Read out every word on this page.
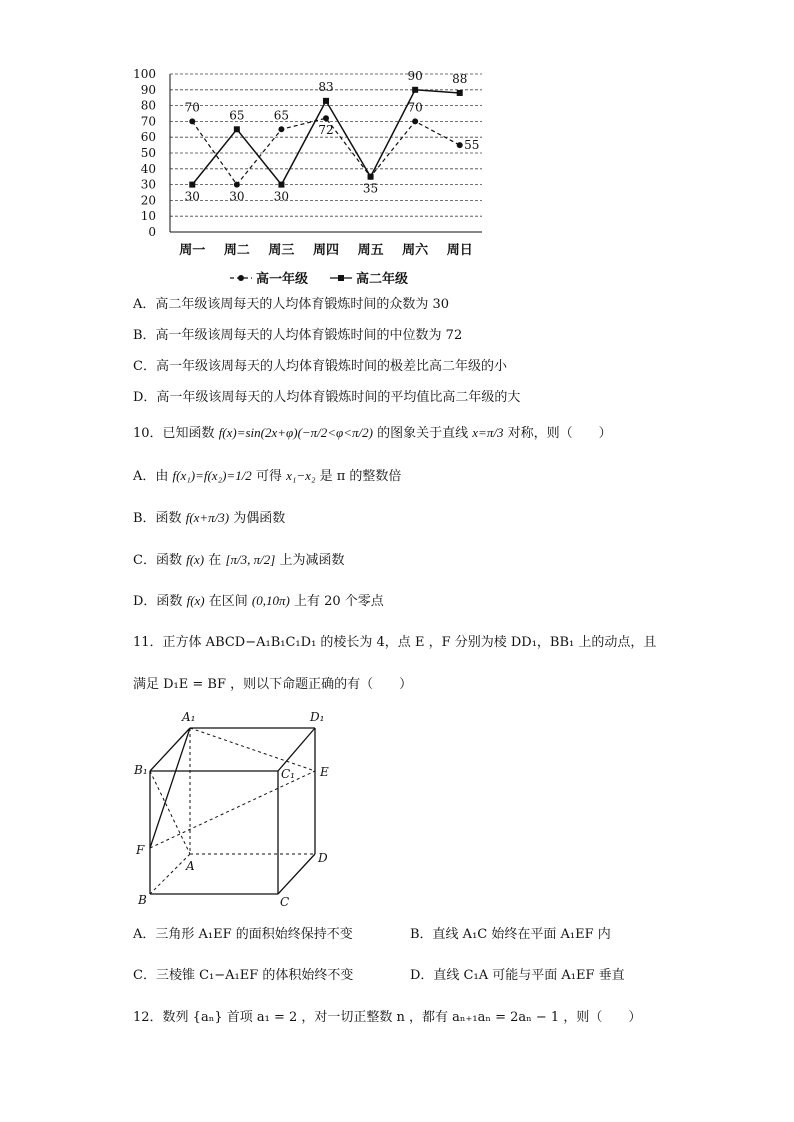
0
10
20
30
40
50
60
70
80
90
100
周一 周二 周三 周四 周五 周六 周日
70
30
65
72
35
70
55
30
65
30
83
90 88
高一年级	高二年级
A．高二年级该周每天的人均体育锻炼时间的众数为 30
B．高一年级该周每天的人均体育锻炼时间的中位数为 72
C．高一年级该周每天的人均体育锻炼时间的极差比高二年级的小
D．高一年级该周每天的人均体育锻炼时间的平均值比高二年级的大
10．已知函数 f(x)=sin(2x+φ)(−π/2<φ<π/2) 的图象关于直线 x=π/3 对称，则（　　）
A．由 f(x₁)=f(x₂)=1/2 可得 x₁−x₂ 是 π 的整数倍
B．函数 f(x+π/3) 为偶函数
C．函数 f(x) 在 [π/3, π/2] 上为减函数
D．函数 f(x) 在区间 (0,10π) 上有 20 个零点
11．正方体 ABCD−A₁B₁C₁D₁ 的棱长为 4，点 E ，F 分别为棱 DD₁，BB₁ 上的动点，且
满足 D₁E = BF ，则以下命题正确的有（　　）
A₁	D₁
B₁	C₁ E
F
A
D
B	C
A．三角形 A₁EF 的面积始终保持不变	B．直线 A₁C 始终在平面 A₁EF 内
C．三棱锥 C₁−A₁EF 的体积始终不变	D．直线 C₁A 可能与平面 A₁EF 垂直
12．数列 {aₙ} 首项 a₁ = 2 ，对一切正整数 n ，都有 aₙ₊₁aₙ = 2aₙ − 1 ，则（　　）
